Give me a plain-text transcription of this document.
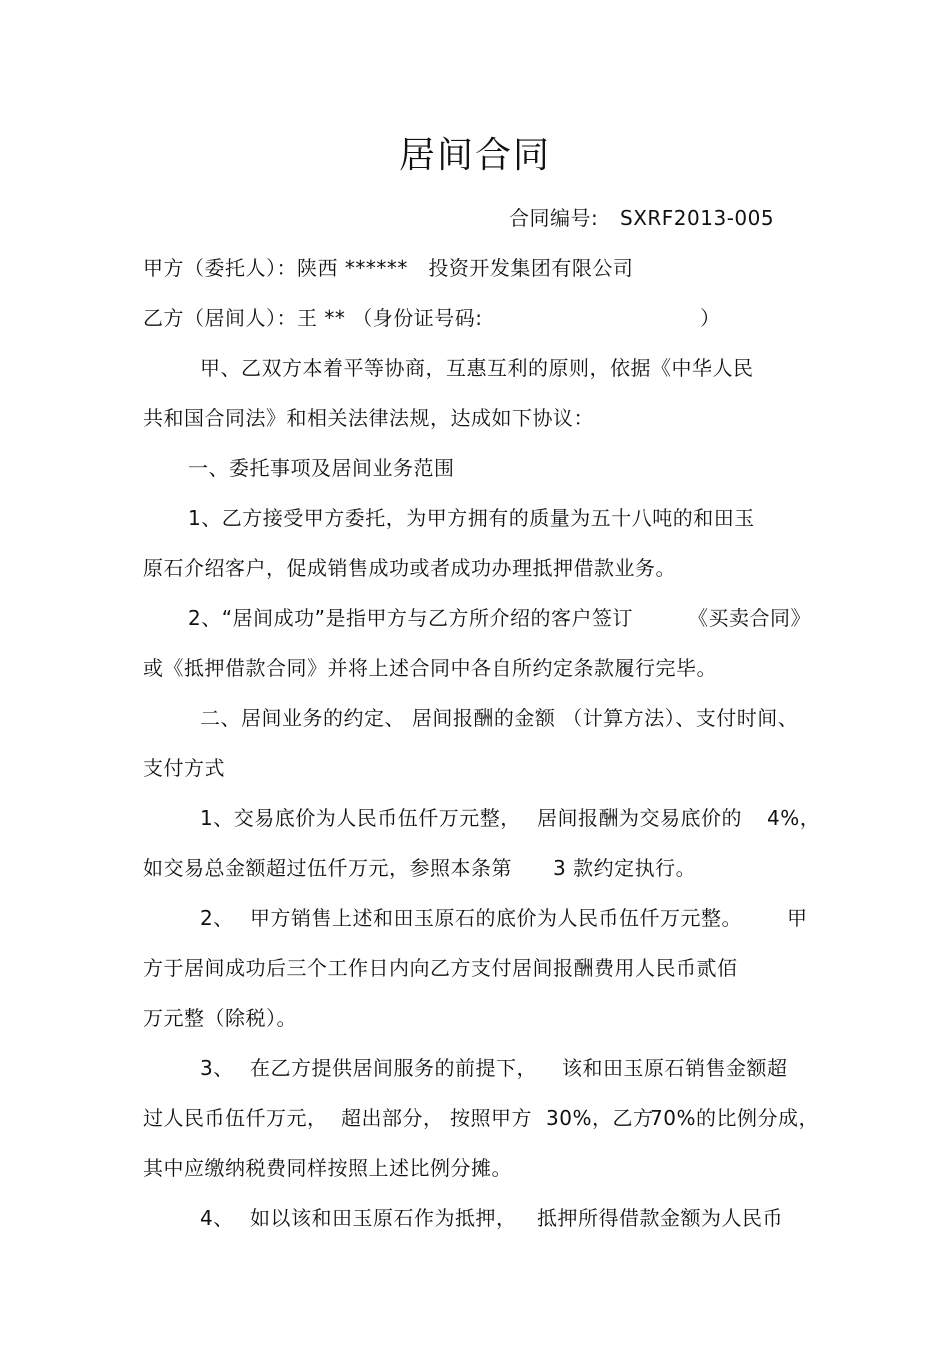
居间合同
合同编号: SXRF2013-005
甲方（委托人）：陕西 ******   投资开发集团有限公司
乙方（居间人）：王 ** （身份证号码:	）
甲、乙双方本着平等协商，互惠互利的原则，依据《中华人民
共和国合同法》和相关法律法规，达成如下协议：
一、委托事项及居间业务范围
1、乙方接受甲方委托，为甲方拥有的质量为五十八吨的和田玉
原石介绍客户，促成销售成功或者成功办理抵押借款业务。
2、“居间成功”是指甲方与乙方所介绍的客户签订	《买卖合同》
或《抵押借款合同》并将上述合同中各自所约定条款履行完毕。
二、居间业务的约定、 居间报酬的金额 （计算方法）、支付时间、
支付方式
1、交易底价为人民币伍仟万元整， 居间报酬为交易底价的 4%，
如交易总金额超过伍仟万元，参照本条第 3 款约定执行。
2、 甲方销售上述和田玉原石的底价为人民币伍仟万元整。 甲
方于居间成功后三个工作日内向乙方支付居间报酬费用人民币贰佰
万元整（除税）。
3、 在乙方提供居间服务的前提下， 该和田玉原石销售金额超
过人民币伍仟万元， 超出部分， 按照甲方 30%，乙方
70%的比例分成，
其中应缴纳税费同样按照上述比例分摊。
4、 如以该和田玉原石作为抵押， 抵押所得借款金额为人民币
